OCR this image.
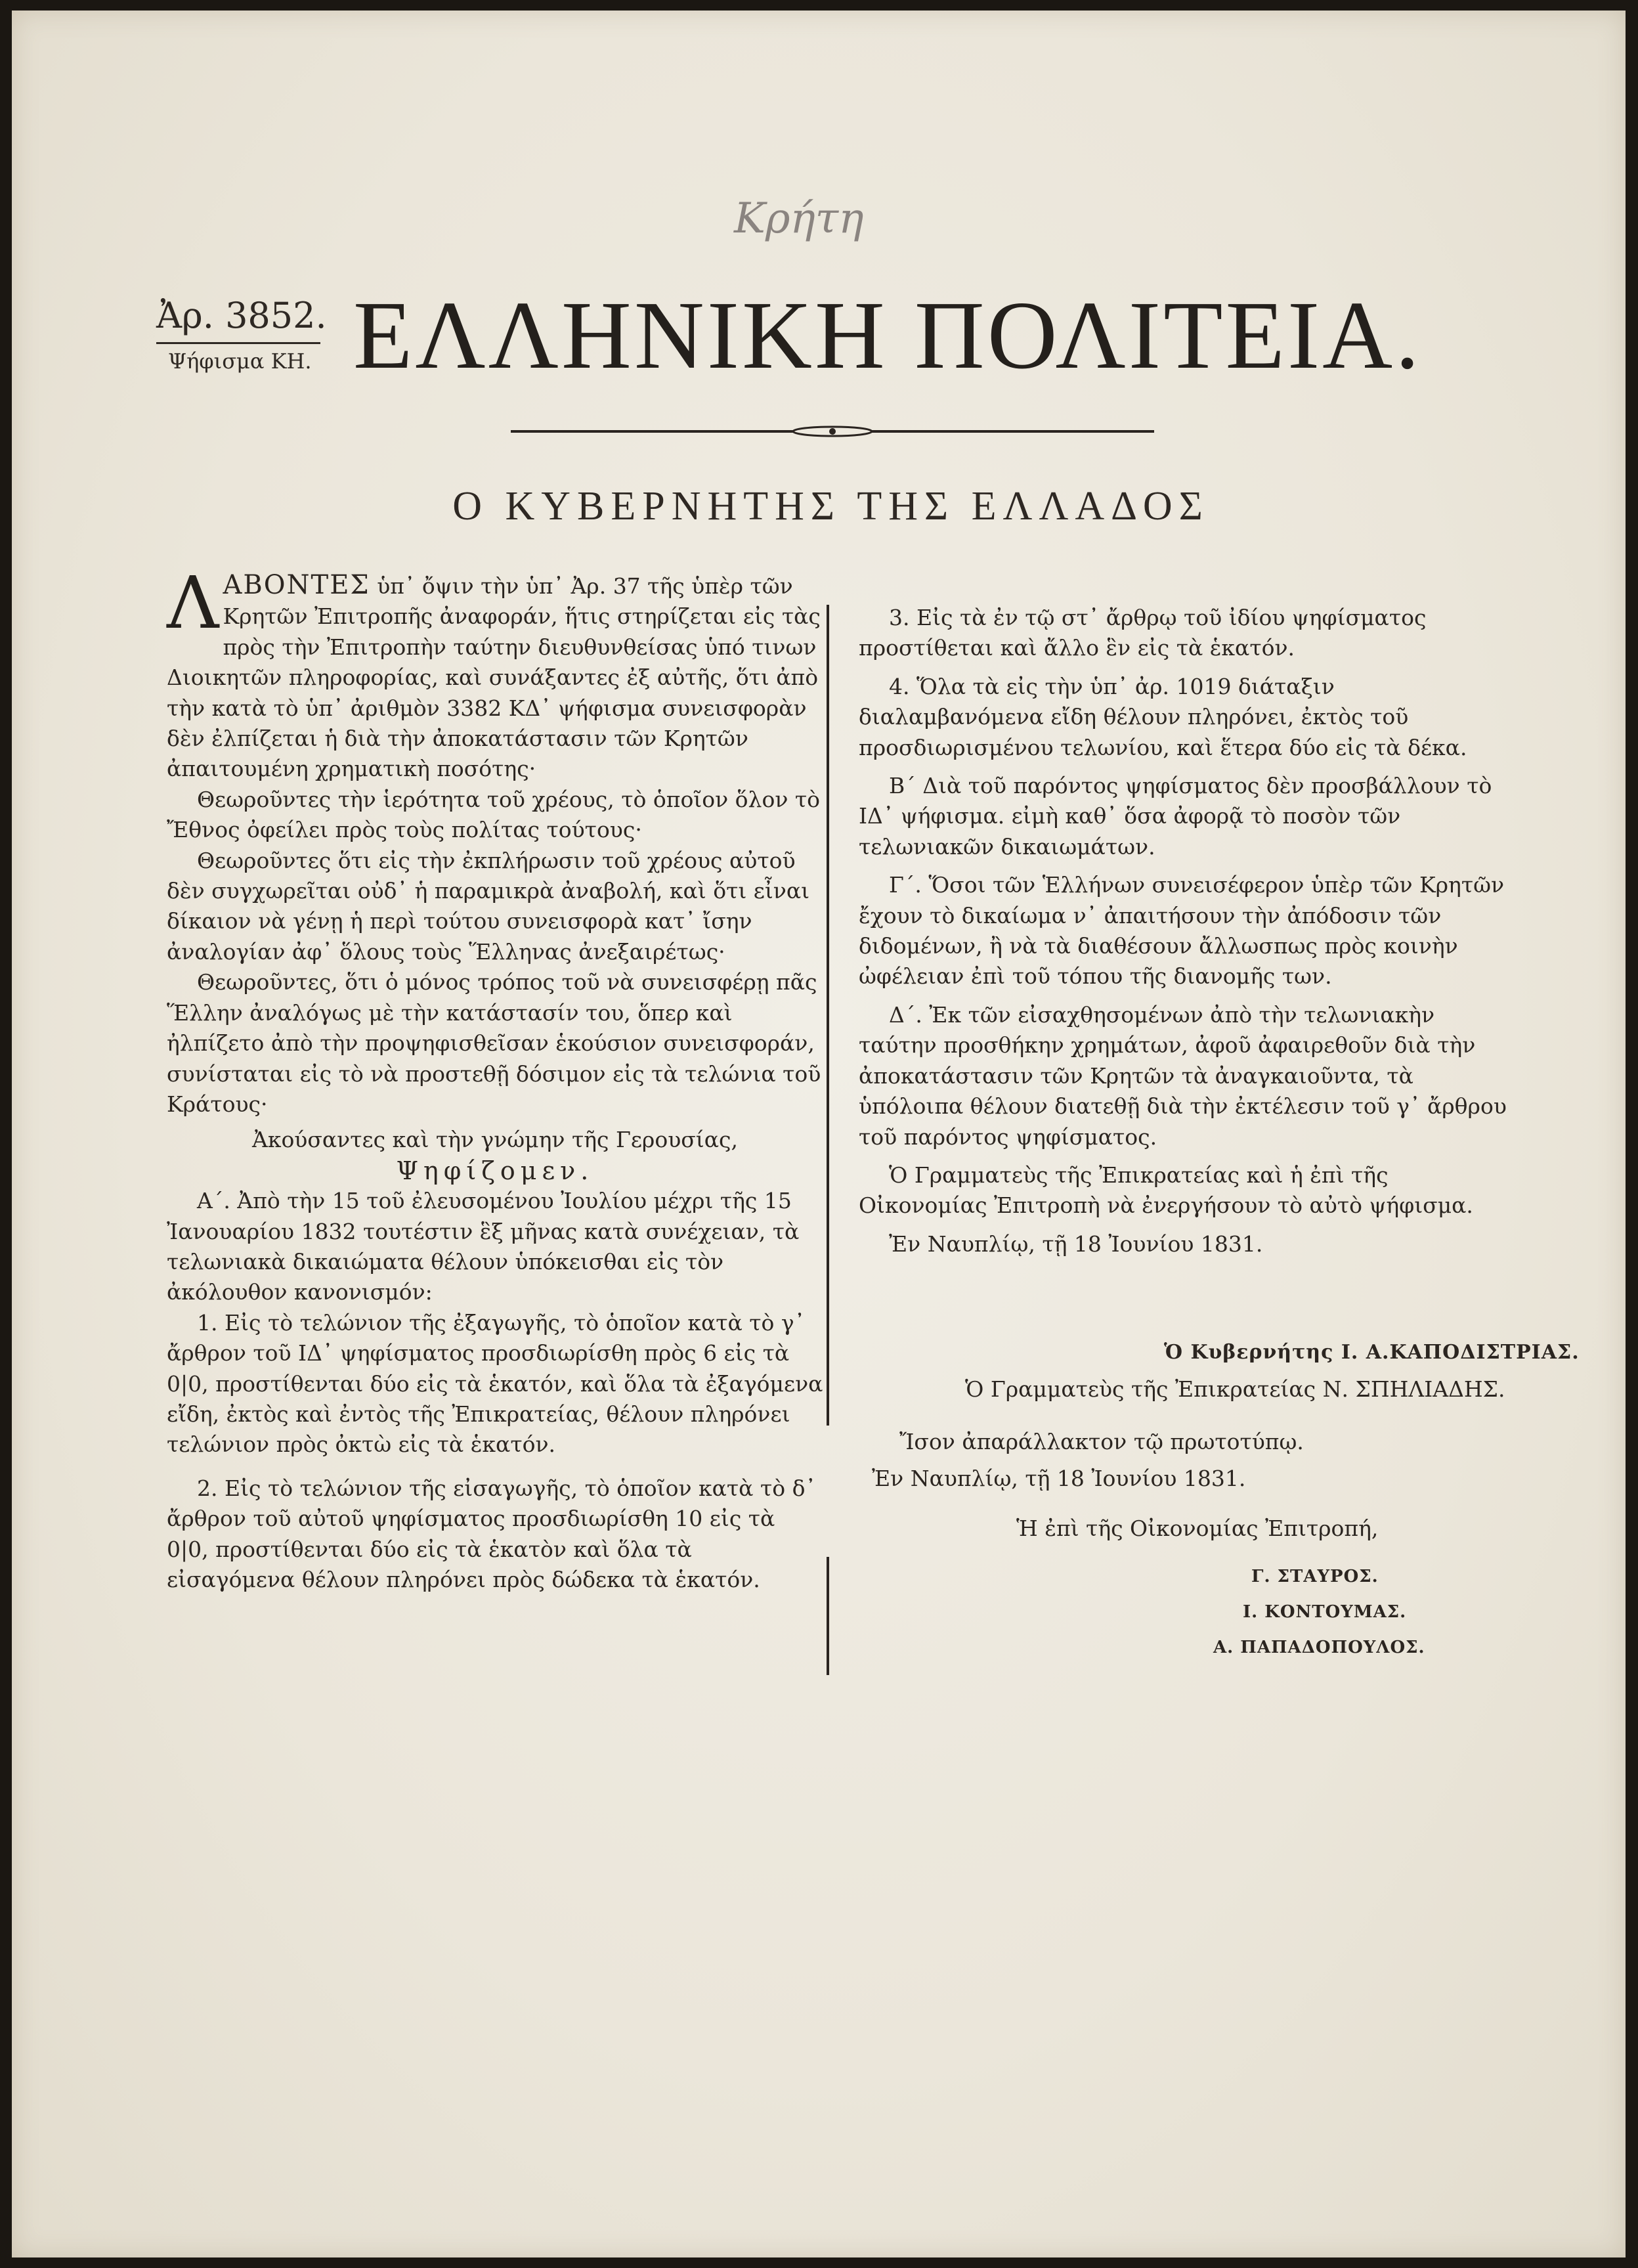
Κρήτη
Ἀρ. 3852.
Ψήφισμα ΚΗ. ΕΛΛΗΝΙΚΗ ΠΟΛΙΤΕΙΑ.
Ο ΚΥΒΕΡΝΗΤΗΣ ΤΗΣ ΕΛΛΑΔΟΣ

Λ ΑΒΟΝΤΕΣ ὑπ᾽ ὄψιν τὴν ὑπ᾽ Ἀρ. 37 τῆς ὑπὲρ τῶν Κρητῶν Ἐπιτροπῆς ἀναφοράν, ἥτις στηρίζεται εἰς τὰς πρὸς τὴν Ἐπιτροπὴν ταύτην διευθυνθείσας ὑπό τινων Διοικητῶν πληροφορίας, καὶ συνάξαντες ἐξ αὐτῆς, ὅτι ἀπὸ τὴν κατὰ τὸ ὑπ᾽ ἀριθμὸν 3382 ΚΔ᾽ ψήφισμα συνεισφορὰν δὲν ἐλπίζεται ἡ διὰ τὴν ἀποκατάστασιν τῶν Κρητῶν ἀπαιτουμένη χρηματικὴ ποσότης·

Θεωροῦντες τὴν ἱερότητα τοῦ χρέους, τὸ ὁποῖον ὅλον τὸ Ἔθνος ὀφείλει πρὸς τοὺς πολίτας τούτους·

Θεωροῦντες ὅτι εἰς τὴν ἐκπλήρωσιν τοῦ χρέους αὐτοῦ δὲν συγχωρεῖται οὐδ᾽ ἡ παραμικρὰ ἀναβολή, καὶ ὅτι εἶναι δίκαιον νὰ γένῃ ἡ περὶ τούτου συνεισφορὰ κατ᾽ ἴσην ἀναλογίαν ἀφ᾽ ὅλους τοὺς Ἕλληνας ἀνεξαιρέτως·

Θεωροῦντες, ὅτι ὁ μόνος τρόπος τοῦ νὰ συνεισφέρῃ πᾶς Ἕλλην ἀναλόγως μὲ τὴν κατάστασίν του, ὅπερ καὶ ἠλπίζετο ἀπὸ τὴν προψηφισθεῖσαν ἑκούσιον συνεισφοράν, συνίσταται εἰς τὸ νὰ προστεθῇ δόσιμον εἰς τὰ τελώνια τοῦ Κράτους·

Ἀκούσαντες καὶ τὴν γνώμην τῆς Γερουσίας,

Ψηφίζομεν.

Α΄. Ἀπὸ τὴν 15 τοῦ ἐλευσομένου Ἰουλίου μέχρι τῆς 15 Ἰανουαρίου 1832 τουτέστιν ἓξ μῆνας κατὰ συνέχειαν, τὰ τελωνιακὰ δικαιώματα θέλουν ὑπόκεισθαι εἰς τὸν ἀκόλουθον κανονισμόν:

1. Εἰς τὸ τελώνιον τῆς ἐξαγωγῆς, τὸ ὁποῖον κατὰ τὸ γ᾽ ἄρθρον τοῦ ΙΔ᾽ ψηφίσματος προσδιωρίσθη πρὸς 6 εἰς τὰ 0|0, προστίθενται δύο εἰς τὰ ἑκατόν, καὶ ὅλα τὰ ἐξαγόμενα εἴδη, ἐκτὸς καὶ ἐντὸς τῆς Ἐπικρατείας, θέλουν πληρόνει τελώνιον πρὸς ὀκτὼ εἰς τὰ ἑκατόν.

2. Εἰς τὸ τελώνιον τῆς εἰσαγωγῆς, τὸ ὁποῖον κατὰ τὸ δ᾽ ἄρθρον τοῦ αὐτοῦ ψηφίσματος προσδιωρίσθη 10 εἰς τὰ 0|0, προστίθενται δύο εἰς τὰ ἑκατὸν καὶ ὅλα τὰ εἰσαγόμενα θέλουν πληρόνει πρὸς δώδεκα τὰ ἑκατόν.

3. Εἰς τὰ ἐν τῷ στ᾽ ἄρθρῳ τοῦ ἰδίου ψηφίσματος προστίθεται καὶ ἄλλο ἓν εἰς τὰ ἑκατόν.

4. Ὅλα τὰ εἰς τὴν ὑπ᾽ ἀρ. 1019 διάταξιν διαλαμβανόμενα εἴδη θέλουν πληρόνει, ἐκτὸς τοῦ προσδιωρισμένου τελωνίου, καὶ ἕτερα δύο εἰς τὰ δέκα.

Β΄ Διὰ τοῦ παρόντος ψηφίσματος δὲν προσβάλλουν τὸ ΙΔ᾽ ψήφισμα. εἰμὴ καθ᾽ ὅσα ἀφορᾷ τὸ ποσὸν τῶν τελωνιακῶν δικαιωμάτων.

Γ΄. Ὅσοι τῶν Ἑλλήνων συνεισέφερον ὑπὲρ τῶν Κρητῶν ἔχουν τὸ δικαίωμα ν᾽ ἀπαιτήσουν τὴν ἀπόδοσιν τῶν διδομένων, ἢ νὰ τὰ διαθέσουν ἄλλωσπως πρὸς κοινὴν ὠφέλειαν ἐπὶ τοῦ τόπου τῆς διανομῆς των.

Δ΄. Ἐκ τῶν εἰσαχθησομένων ἀπὸ τὴν τελωνιακὴν ταύτην προσθήκην χρημάτων, ἀφοῦ ἀφαιρεθοῦν διὰ τὴν ἀποκατάστασιν τῶν Κρητῶν τὰ ἀναγκαιοῦντα, τὰ ὑπόλοιπα θέλουν διατεθῇ διὰ τὴν ἐκτέλεσιν τοῦ γ᾽ ἄρθρου τοῦ παρόντος ψηφίσματος.

Ὁ Γραμματεὺς τῆς Ἐπικρατείας καὶ ἡ ἐπὶ τῆς Οἰκονομίας Ἐπιτροπὴ νὰ ἐνεργήσουν τὸ αὐτὸ ψήφισμα.

Ἐν Ναυπλίῳ, τῇ 18 Ἰουνίου 1831.

Ὁ Κυβερνήτης Ι. Α.ΚΑΠΟΔΙΣΤΡΙΑΣ.
Ὁ Γραμματεὺς τῆς Ἐπικρατείας Ν. ΣΠΗΛΙΑΔΗΣ.
Ἴσον ἀπαράλλακτον τῷ πρωτοτύπῳ.
Ἐν Ναυπλίῳ, τῇ 18 Ἰουνίου 1831.
Ἡ ἐπὶ τῆς Οἰκονομίας Ἐπιτροπή,
Γ. ΣΤΑΥΡΟΣ.
Ι. ΚΟΝΤΟΥΜΑΣ.
Α. ΠΑΠΑΔΟΠΟΥΛΟΣ.
